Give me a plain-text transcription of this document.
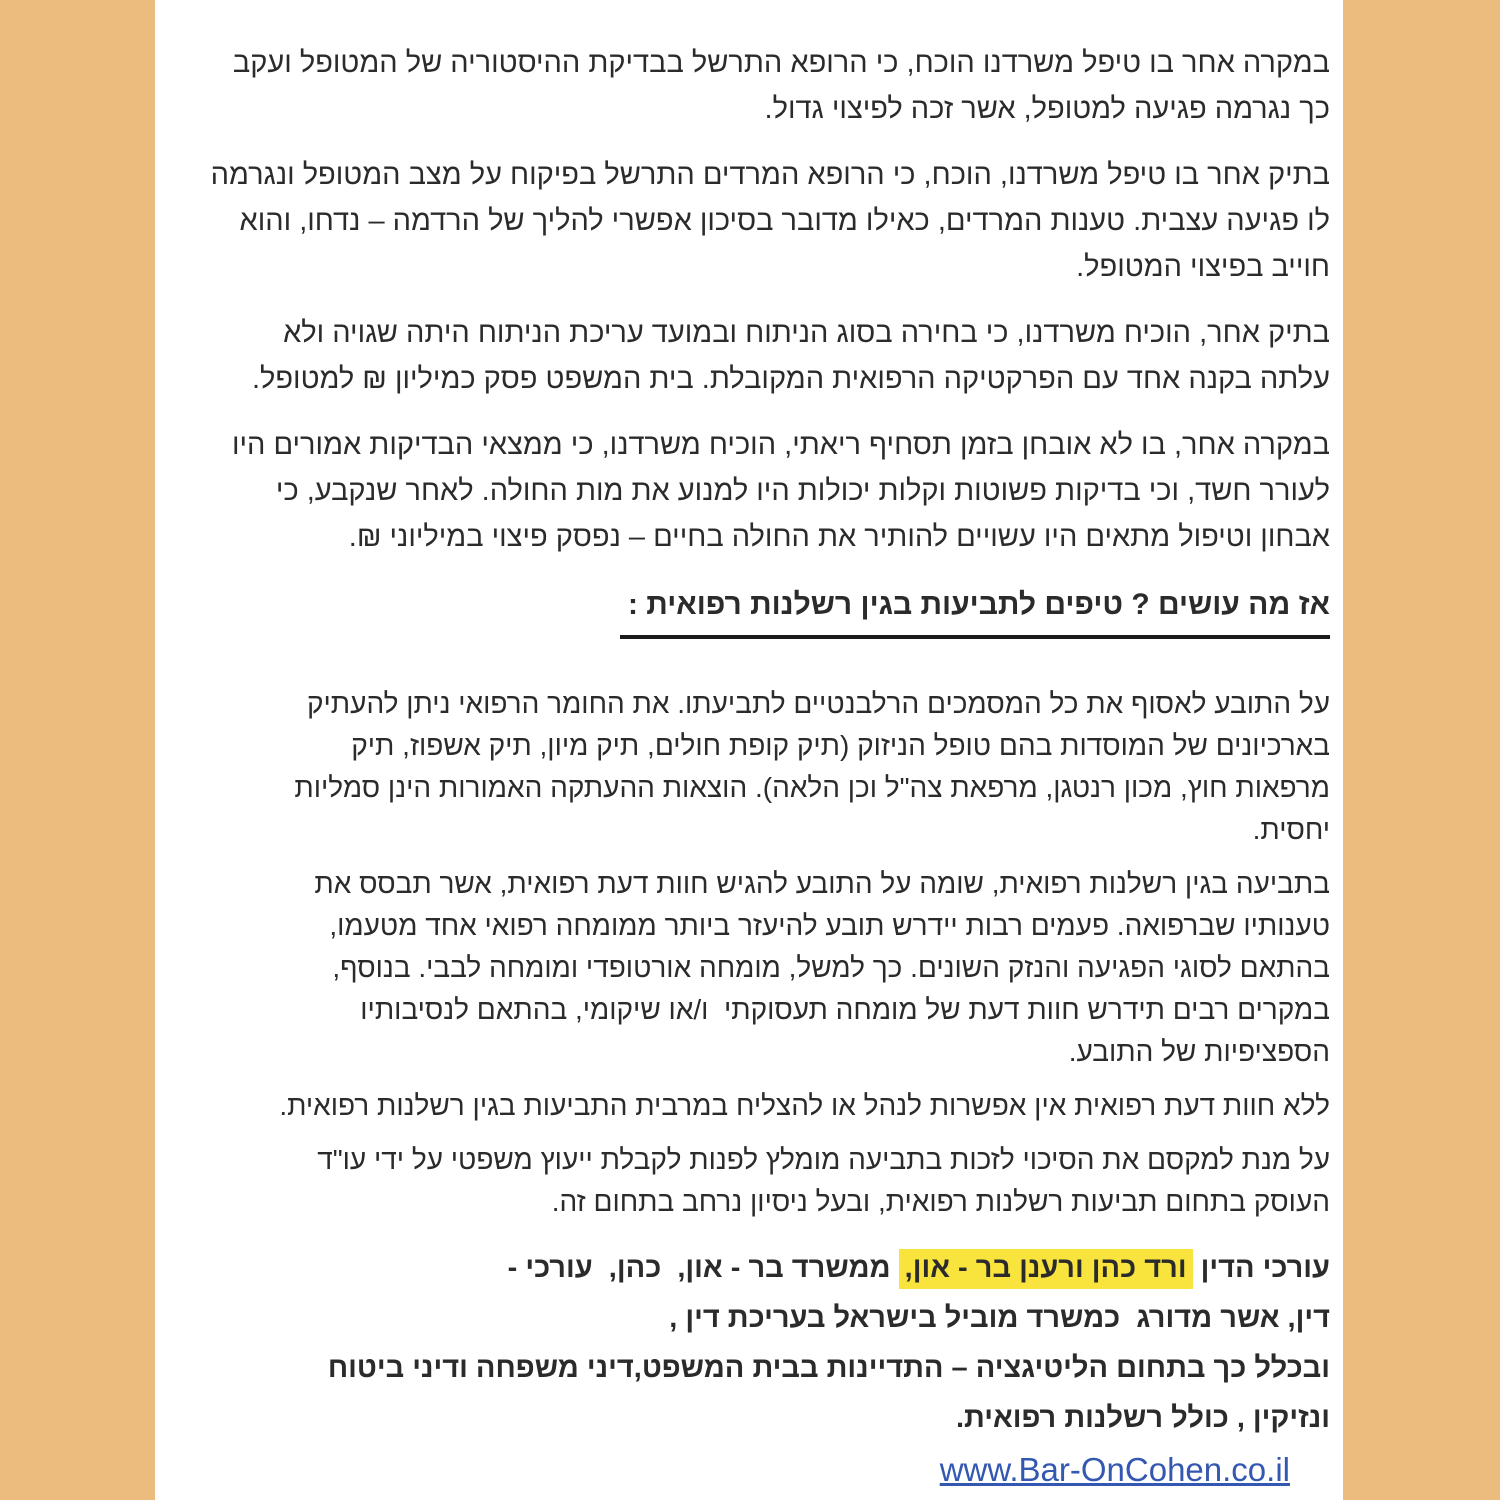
במקרה אחר בו טיפל משרדנו הוכח, כי הרופא התרשל בבדיקת ההיסטוריה של המטופל ועקב
כך נגרמה פגיעה למטופל, אשר זכה לפיצוי גדול.

בתיק אחר בו טיפל משרדנו, הוכח, כי הרופא המרדים התרשל בפיקוח על מצב המטופל ונגרמה
לו פגיעה עצבית. טענות המרדים, כאילו מדובר בסיכון אפשרי להליך של הרדמה – נדחו, והוא
חוייב בפיצוי המטופל.

בתיק אחר, הוכיח משרדנו, כי בחירה בסוג הניתוח ובמועד עריכת הניתוח היתה שגויה ולא
עלתה בקנה אחד עם הפרקטיקה הרפואית המקובלת. בית המשפט פסק כמיליון ₪ למטופל.

במקרה אחר, בו לא אובחן בזמן תסחיף ריאתי, הוכיח משרדנו, כי ממצאי הבדיקות אמורים היו
לעורר חשד, וכי בדיקות פשוטות וקלות יכולות היו למנוע את מות החולה. לאחר שנקבע, כי
אבחון וטיפול מתאים היו עשויים להותיר את החולה בחיים – נפסק פיצוי במיליוני ₪.

אז מה עושים ? טיפים לתביעות בגין רשלנות רפואית :

על התובע לאסוף את כל המסמכים הרלבנטיים לתביעתו. את החומר הרפואי ניתן להעתיק
בארכיונים של המוסדות בהם טופל הניזוק (תיק קופת חולים, תיק מיון, תיק אשפוז, תיק
מרפאות חוץ, מכון רנטגן, מרפאת צה"ל וכן הלאה). הוצאות ההעתקה האמורות הינן סמליות
יחסית.

בתביעה בגין רשלנות רפואית, שומה על התובע להגיש חוות דעת רפואית, אשר תבסס את
טענותיו שברפואה. פעמים רבות יידרש תובע להיעזר ביותר ממומחה רפואי אחד מטעמו,
בהתאם לסוגי הפגיעה והנזק השונים. כך למשל, מומחה אורטופדי ומומחה לבבי. בנוסף,
במקרים רבים תידרש חוות דעת של מומחה תעסוקתי  ו/או שיקומי, בהתאם לנסיבותיו
הספציפיות של התובע.

ללא חוות דעת רפואית אין אפשרות לנהל או להצליח במרבית התביעות בגין רשלנות רפואית.

על מנת למקסם את הסיכוי לזכות בתביעה מומלץ לפנות לקבלת ייעוץ משפטי על ידי עו"ד
העוסק בתחום תביעות רשלנות רפואית, ובעל ניסיון נרחב בתחום זה.

עורכי הדין ורד כהן ורענן בר - און, ממשרד בר - און,  כהן,  עורכי -
דין, אשר מדורג  כמשרד מוביל בישראל בעריכת דין ,
ובכלל כך בתחום הליטיגציה – התדיינות בבית המשפט,דיני משפחה ודיני ביטוח
ונזיקין , כולל רשלנות רפואית.

www.Bar-OnCohen.co.il
